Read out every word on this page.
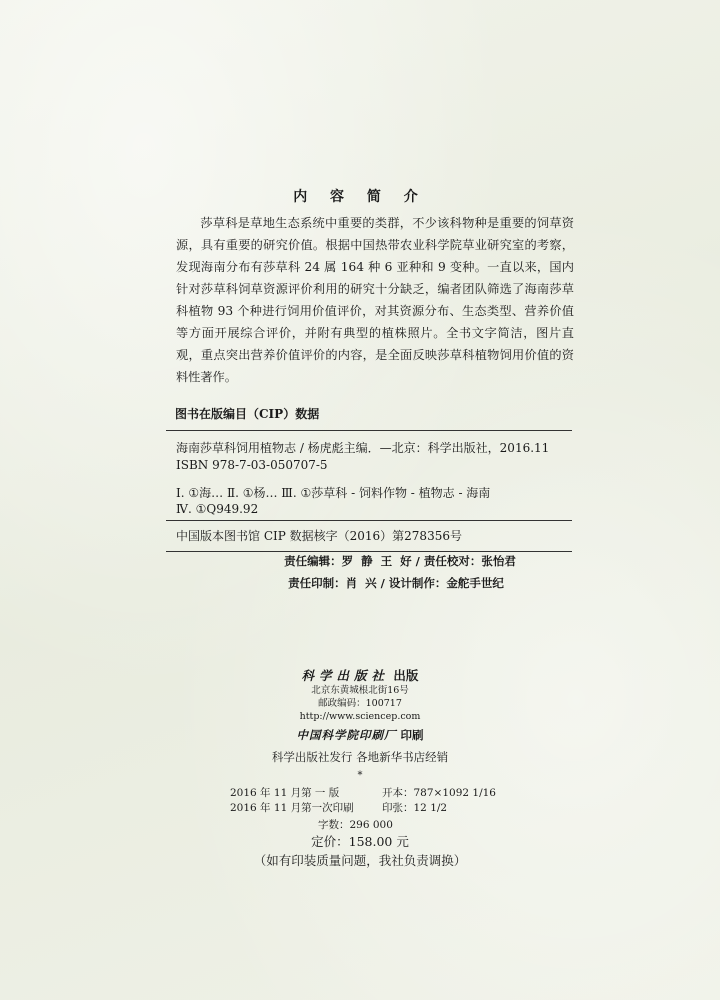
内 容 简 介

莎草科是草地生态系统中重要的类群，不少该科物种是重要的饲草资源，具有重要的研究价值。根据中国热带农业科学院草业研究室的考察，发现海南分布有莎草科 24 属 164 种 6 亚种和 9 变种。一直以来，国内针对莎草科饲草资源评价利用的研究十分缺乏，编者团队筛选了海南莎草科植物 93 个种进行饲用价值评价，对其资源分布、生态类型、营养价值等方面开展综合评价，并附有典型的植株照片。全书文字简洁，图片直观，重点突出营养价值评价的内容，是全面反映莎草科植物饲用价值的资料性著作。

图书在版编目（CIP）数据
海南莎草科饲用植物志 / 杨虎彪主编．—北京：科学出版社，2016.11
ISBN 978-7-03-050707-5
Ⅰ. ①海… Ⅱ. ①杨… Ⅲ. ①莎草科 - 饲料作物 - 植物志 - 海南
Ⅳ. ①Q949.92
中国版本图书馆 CIP 数据核字（2016）第278356号
责任编辑：罗  静  王  好 / 责任校对：张怡君
责任印制：肖  兴 / 设计制作：金舵手世纪
科学出版社 出版
北京东黄城根北街16号
邮政编码：100717
http://www.sciencep.com
中国科学院印刷厂 印刷
科学出版社发行 各地新华书店经销
*
2016 年 11 月第 一 版	开本：787×1092 1/16
2016 年 11 月第一次印刷	印张：12 1/2
字数：296 000
定价：158.00 元
（如有印装质量问题，我社负责调换）
